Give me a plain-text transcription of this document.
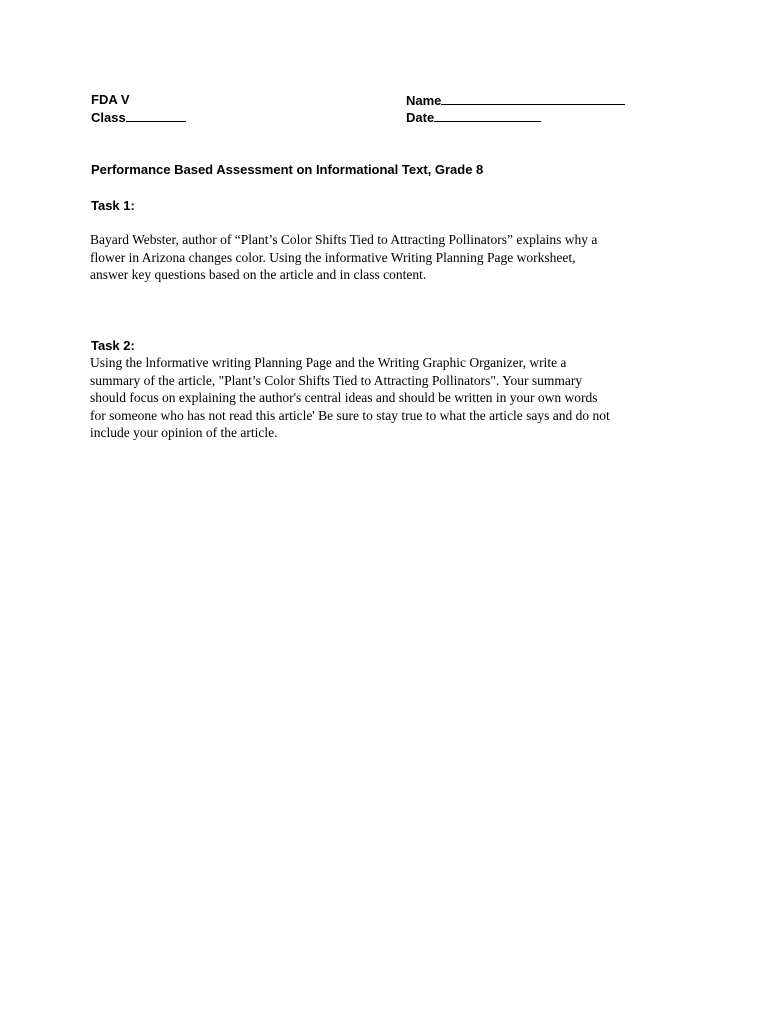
FDA V
Class
Name
Date
Performance Based Assessment on Informational Text, Grade 8
Task 1:
Bayard Webster, author of “Plant’s Color Shifts Tied to Attracting Pollinators” explains why a
flower in Arizona changes color. Using the informative Writing Planning Page worksheet,
answer key questions based on the article and in class content.
Task 2:
Using the lnformative writing Planning Page and the Writing Graphic Organizer, write a
summary of the article, "Plant’s Color Shifts Tied to Attracting Pollinators". Your summary
should focus on explaining the author's central ideas and should be written in your own words
for someone who has not read this article' Be sure to stay true to what the article says and do not
include your opinion of the article.
